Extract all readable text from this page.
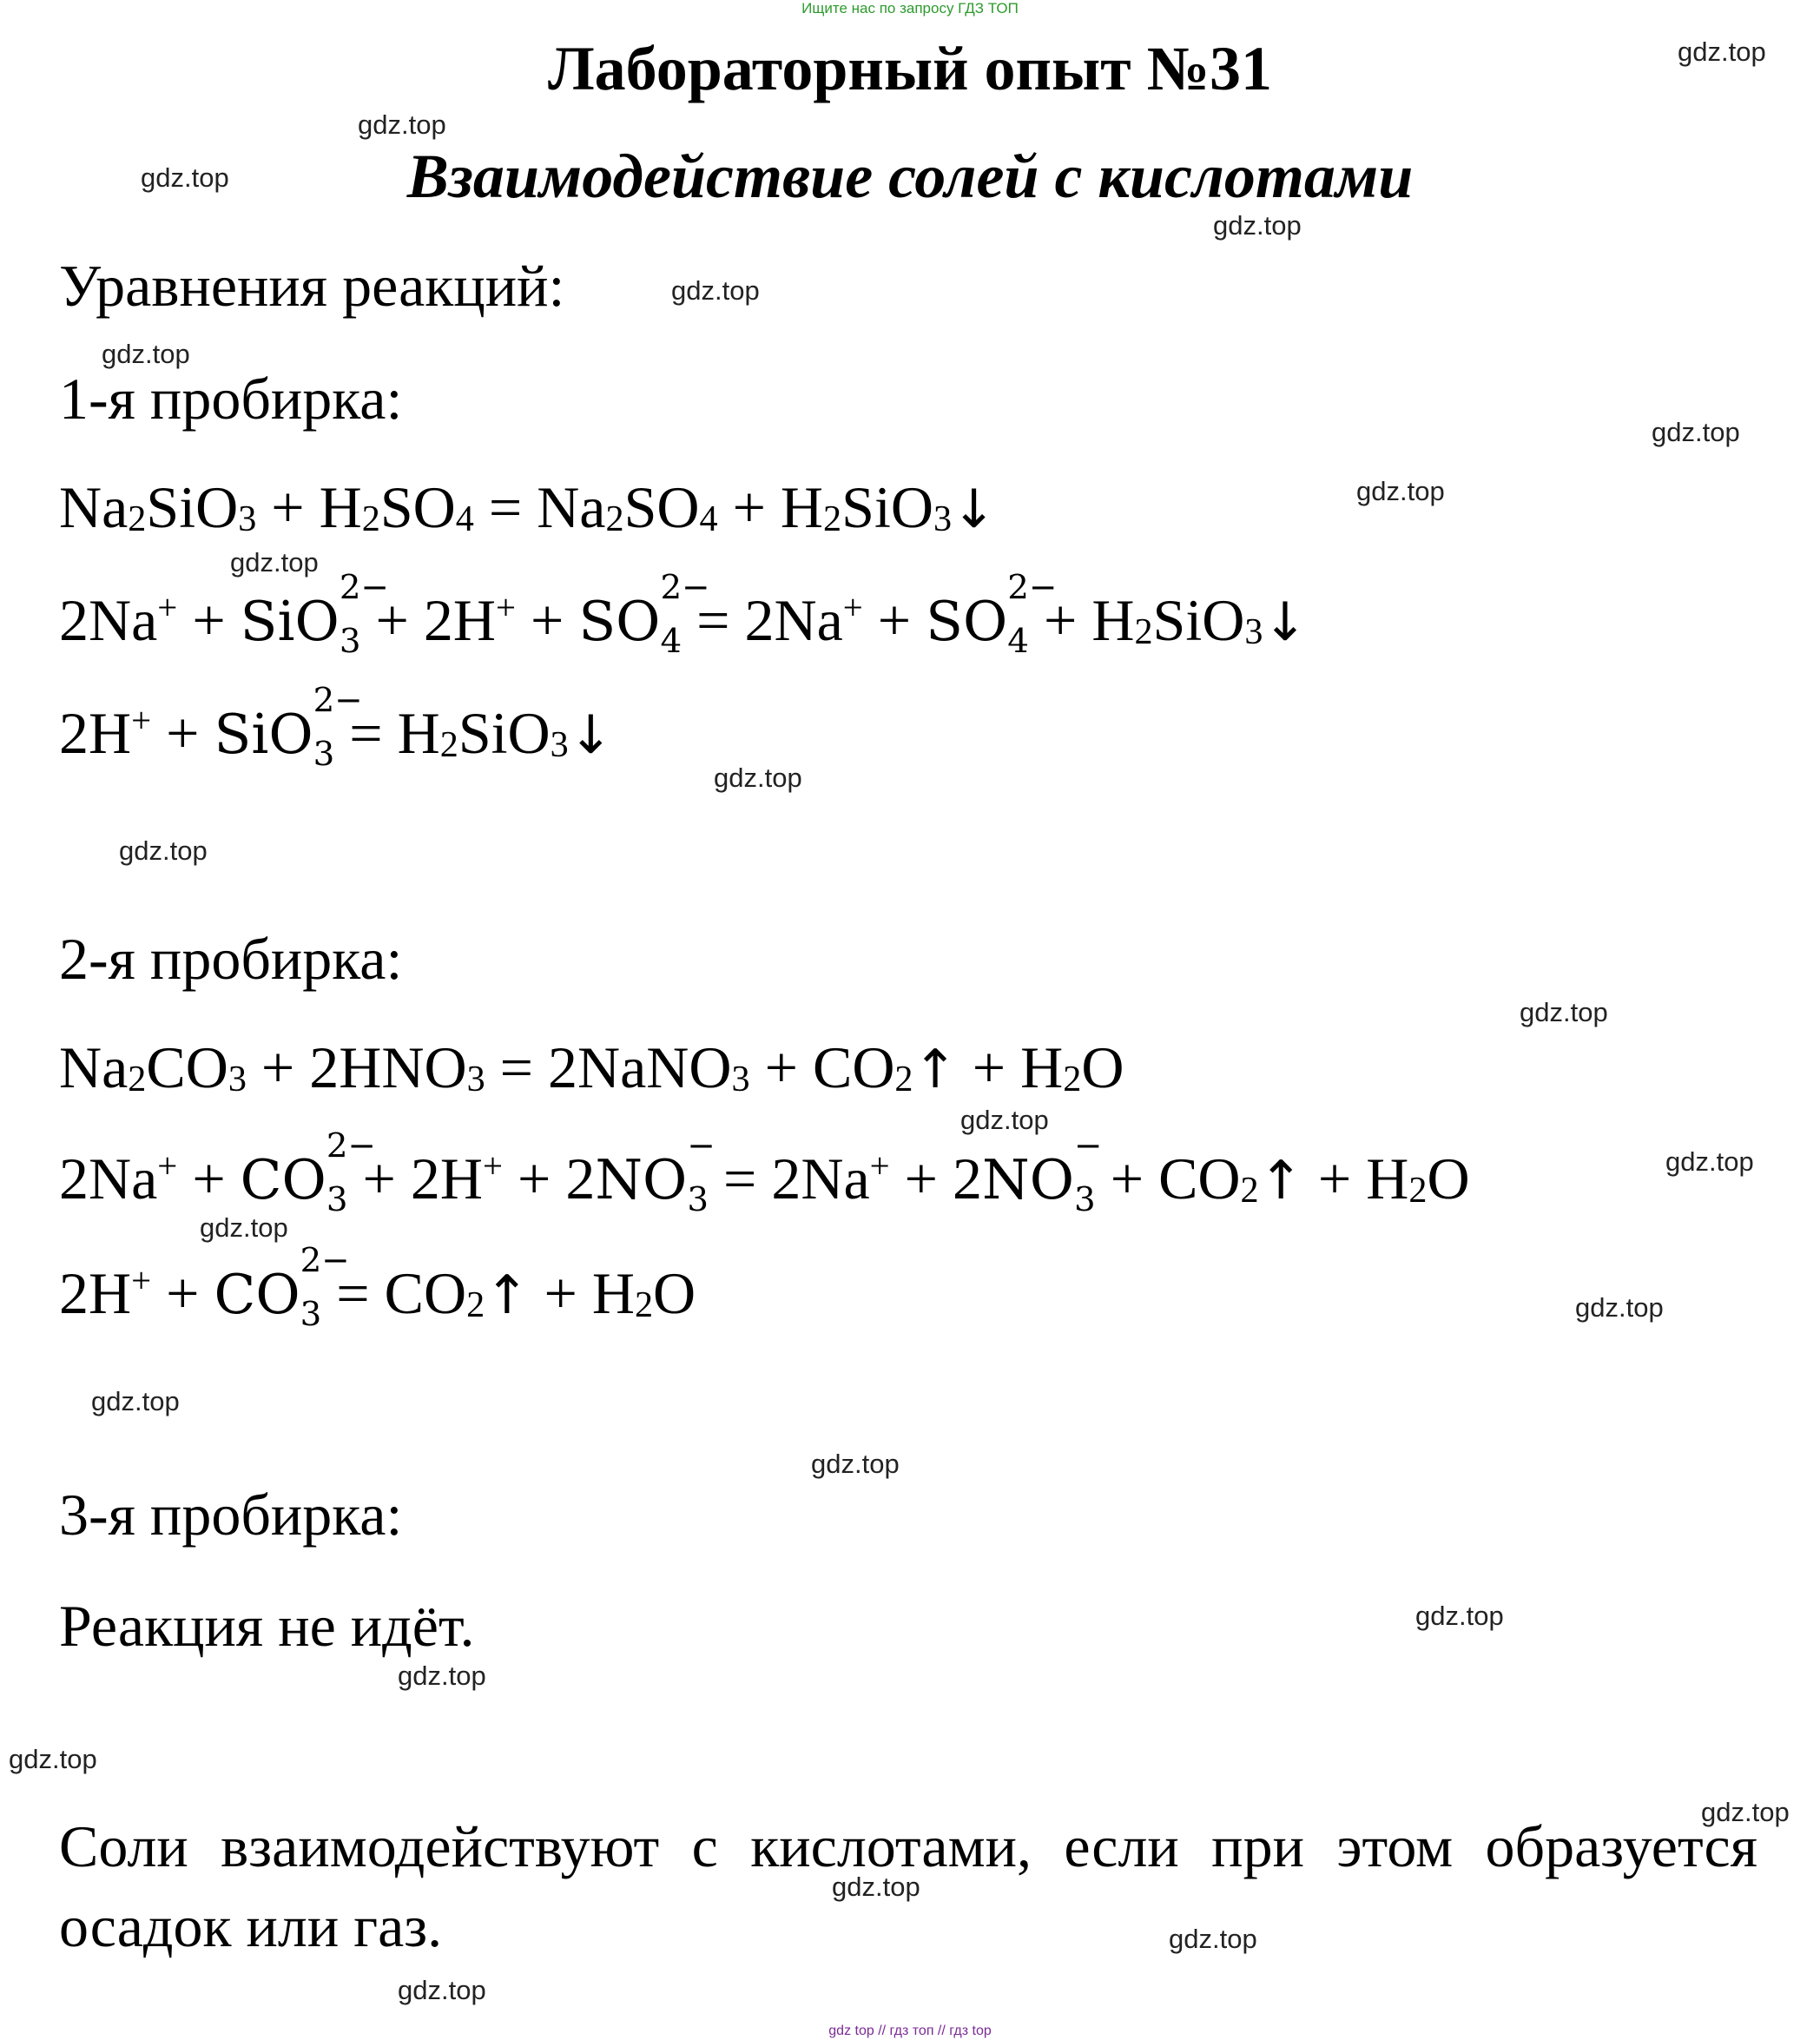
Ищите нас по запросу ГДЗ ТОП
Лабораторный опыт №31
Взаимодействие солей с кислотами
Уравнения реакций:
1-я пробирка:
$Na_2SiO_3 + H_2SO_4 = Na_2SO_4$ + $H_2SiO_3↓$
2Na+ + SiO
2−
3 + 2H+ + SO
2−
4 = 2Na+ + SO
2−
$4 + H_2SiO_3↓$
2H+ + SiO
2−
$3 = H_2SiO_3↓$
2-я пробирка:
$Na_2CO_3 + 2HNO_3$ = 2NaNO$_3$ + $CO_2↑ + H_2O$
2Na+ + CO
2−
3 + 2H+ + 2NO
−
3 = 2Na+ + 2NO
−
$3 + CO_2↑ + H_2O$
2H+ + CO
2−
$3 = CO_2↑ + H_2O$
3-я пробирка:
Реакция не идёт.
Соли взаимодействуют с кислотами, если при этом образуется осадок или газ.
gdz.top
gdz.top
gdz.top
gdz.top
gdz.top
gdz.top
gdz.top
gdz.top
gdz.top
gdz.top
gdz.top
gdz.top
gdz.top
gdz.top
gdz.top
gdz.top
gdz.top
gdz.top
gdz.top
gdz.top
gdz.top
gdz.top
gdz.top
gdz.top
gdz.top
gdz top // гдз топ // гдз top
